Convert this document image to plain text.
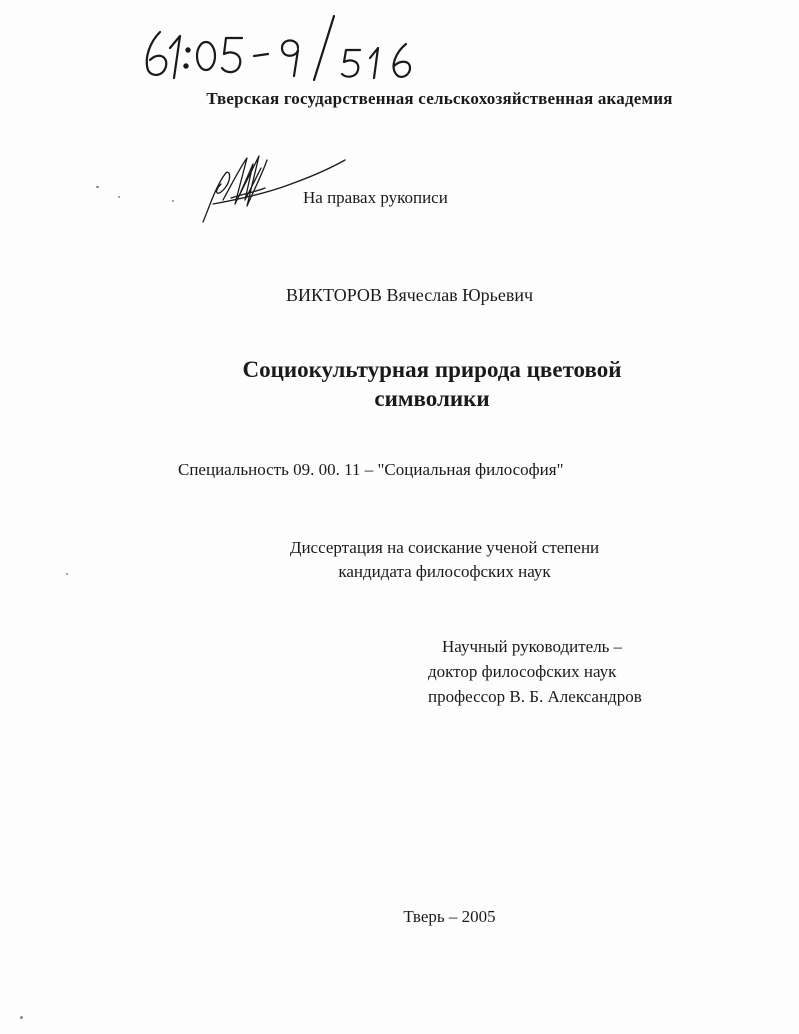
Тверская государственная сельскохозяйственная академия
На правах рукописи
ВИКТОРОВ Вячеслав Юрьевич
Социокультурная природа цветовой
символики
Специальность 09. 00. 11 – "Социальная философия"
Диссертация на соискание ученой степени
кандидата философских наук
Научный руководитель –
доктор философских наук
профессор В. Б. Александров
Тверь – 2005
